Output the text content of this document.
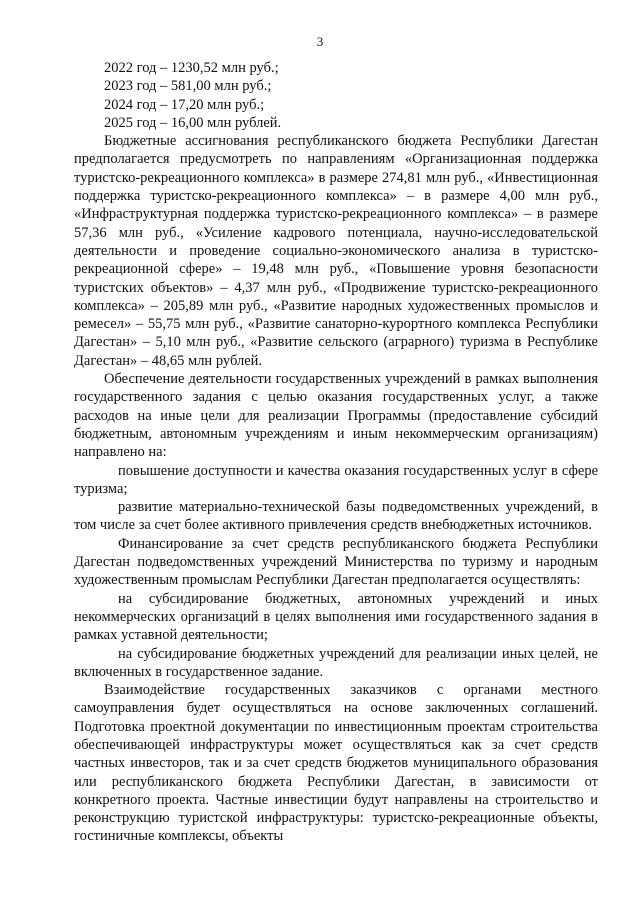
3

2022 год – 1230,52 млн руб.;

2023 год – 581,00 млн руб.;

2024 год – 17,20 млн руб.;

2025 год – 16,00 млн рублей.

Бюджетные ассигнования республиканского бюджета Республики Дагестан предполагается предусмотреть по направлениям «Организационная поддержка туристско-рекреационного комплекса» в размере 274,81 млн руб., «Инвестиционная поддержка туристско-рекреационного комплекса» – в размере 4,00 млн руб., «Инфраструктурная поддержка туристско-рекреационного комплекса» – в размере 57,36 млн руб., «Усиление кадрового потенциала, научно-исследовательской деятельности и проведение социально-экономического анализа в туристско-рекреационной сфере» – 19,48 млн руб., «Повышение уровня безопасности туристских объектов» – 4,37 млн руб., «Продвижение туристско-рекреационного комплекса» – 205,89 млн руб., «Развитие народных художественных промыслов и ремесел» – 55,75 млн руб., «Развитие санаторно-курортного комплекса Республики Дагестан» – 5,10 млн руб., «Развитие сельского (аграрного) туризма в Республике Дагестан» – 48,65 млн рублей.

Обеспечение деятельности государственных учреждений в рамках выполнения государственного задания с целью оказания государственных услуг, а также расходов на иные цели для реализации Программы (предоставление субсидий бюджетным, автономным учреждениям и иным некоммерческим организациям) направлено на:

повышение доступности и качества оказания государственных услуг в сфере туризма;

развитие материально-технической базы подведомственных учреждений, в том числе за счет более активного привлечения средств внебюджетных источников.

Финансирование за счет средств республиканского бюджета Республики Дагестан подведомственных учреждений Министерства по туризму и народным художественным промыслам Республики Дагестан предполагается осуществлять:

на субсидирование бюджетных, автономных учреждений и иных некоммерческих организаций в целях выполнения ими государственного задания в рамках уставной деятельности;

на субсидирование бюджетных учреждений для реализации иных целей, не включенных в государственное задание.

Взаимодействие государственных заказчиков с органами местного самоуправления будет осуществляться на основе заключенных соглашений. Подготовка проектной документации по инвестиционным проектам строительства обеспечивающей инфраструктуры может осуществляться как за счет средств частных инвесторов, так и за счет средств бюджетов муниципального образования или республиканского бюджета Республики Дагестан, в зависимости от конкретного проекта. Частные инвестиции будут направлены на строительство и реконструкцию туристской инфраструктуры: туристско-рекреационные объекты, гостиничные комплексы, объекты
